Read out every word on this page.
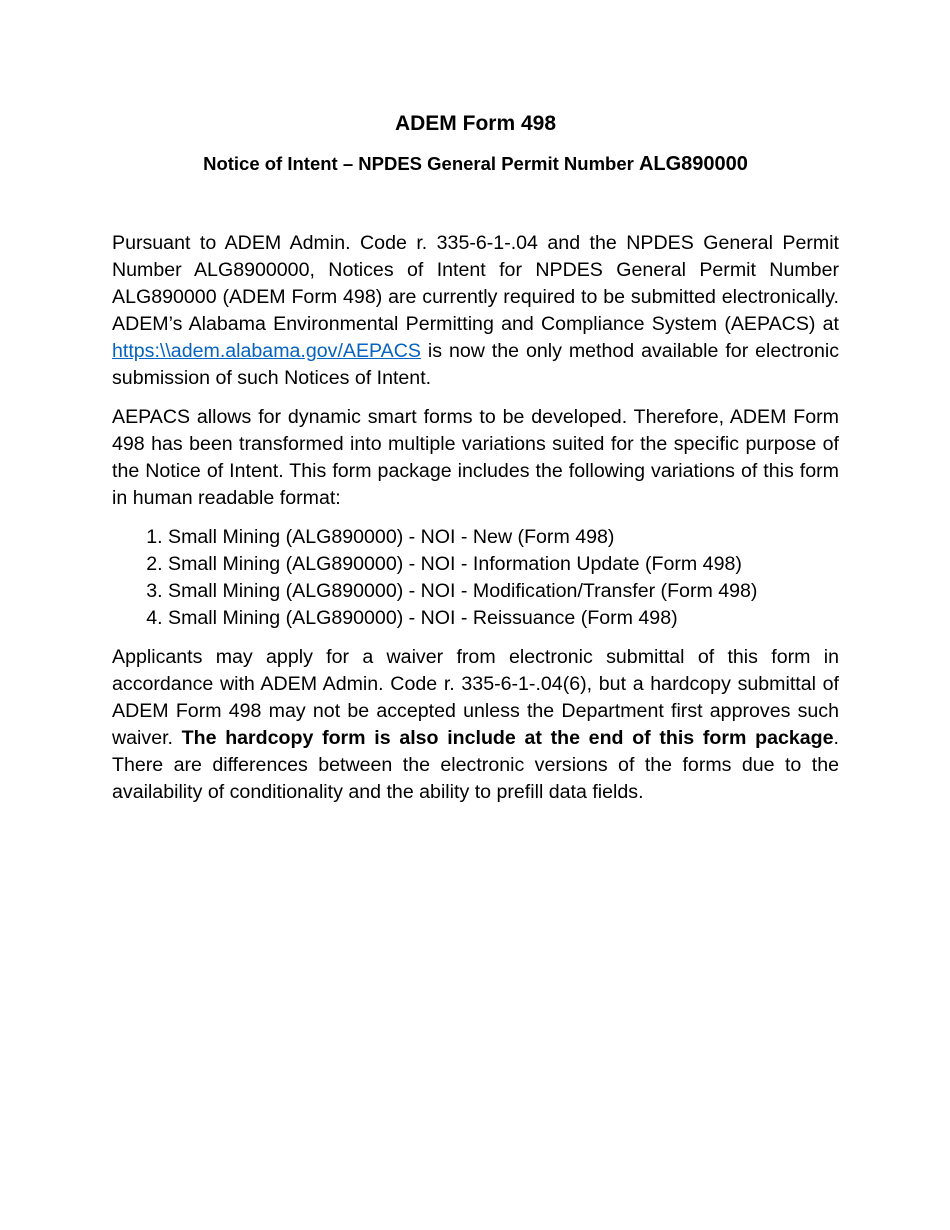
ADEM Form 498
Notice of Intent – NPDES General Permit Number ALG890000

Pursuant to ADEM Admin. Code r. 335-6-1-.04 and the NPDES General Permit Number ALG8900000, Notices of Intent for NPDES General Permit Number ALG890000 (ADEM Form 498) are currently required to be submitted electronically. ADEM’s Alabama Environmental Permitting and Compliance System (AEPACS) at https:\\adem.alabama.gov/AEPACS is now the only method available for electronic submission of such Notices of Intent.

AEPACS allows for dynamic smart forms to be developed. Therefore, ADEM Form 498 has been transformed into multiple variations suited for the specific purpose of the Notice of Intent. This form package includes the following variations of this form in human readable format:

1. Small Mining (ALG890000) - NOI - New (Form 498)
2. Small Mining (ALG890000) - NOI - Information Update (Form 498)
3. Small Mining (ALG890000) - NOI - Modification/Transfer (Form 498)
4. Small Mining (ALG890000) - NOI - Reissuance (Form 498)

Applicants may apply for a waiver from electronic submittal of this form in accordance with ADEM Admin. Code r. 335-6-1-.04(6), but a hardcopy submittal of ADEM Form 498 may not be accepted unless the Department first approves such waiver. The hardcopy form is also include at the end of this form package. There are differences between the electronic versions of the forms due to the availability of conditionality and the ability to prefill data fields.
